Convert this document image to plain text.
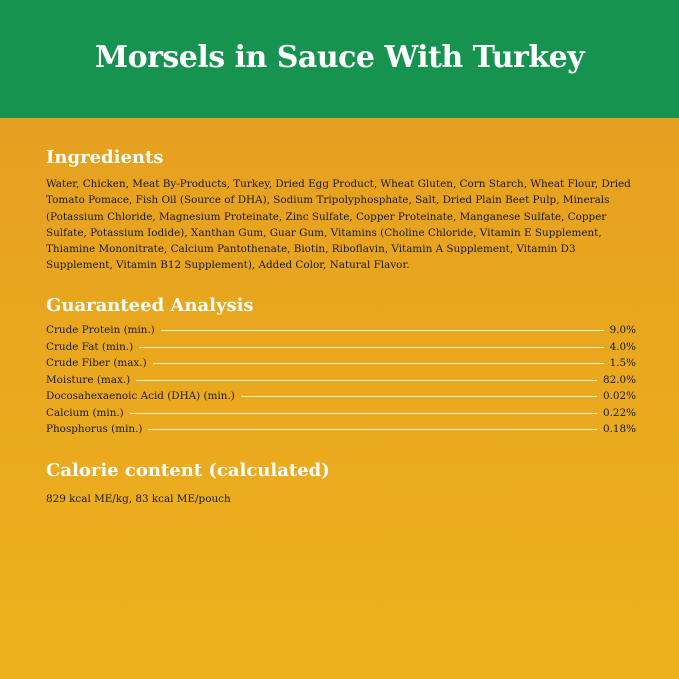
Morsels in Sauce With Turkey
Ingredients

Water, Chicken, Meat By-Products, Turkey, Dried Egg Product, Wheat Gluten, Corn Starch, Wheat Flour, Dried Tomato Pomace, Fish Oil (Source of DHA), Sodium Tripolyphosphate, Salt, Dried Plain Beet Pulp, Minerals (Potassium Chloride, Magnesium Proteinate, Zinc Sulfate, Copper Proteinate, Manganese Sulfate, Copper Sulfate, Potassium Iodide), Xanthan Gum, Guar Gum, Vitamins (Choline Chloride, Vitamin E Supplement, Thiamine Mononitrate, Calcium Pantothenate, Biotin, Riboflavin, Vitamin A Supplement, Vitamin D3 Supplement, Vitamin B12 Supplement), Added Color, Natural Flavor.

Guaranteed Analysis
Crude Protein (min.)	9.0%
Crude Fat (min.)	4.0%
Crude Fiber (max.)	1.5%
Moisture (max.)	82.0%
Docosahexaenoic Acid (DHA) (min.)	0.02%
Calcium (min.)	0.22%
Phosphorus (min.)	0.18%
Calorie content (calculated)

829 kcal ME/kg, 83 kcal ME/pouch
